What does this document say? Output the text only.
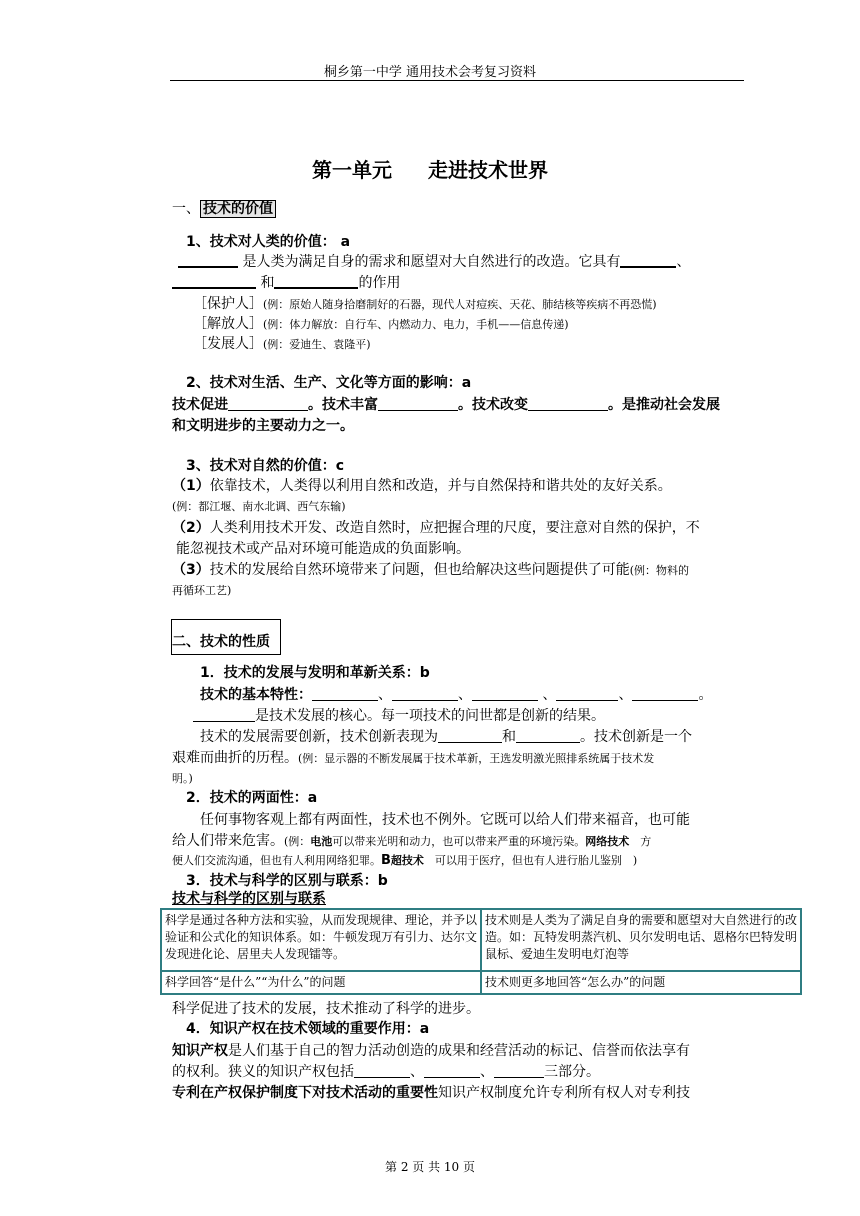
桐乡第一中学 通用技术会考复习资料
第一单元 走进技术世界
一、 技术的价值
1、技术对人类的价值： a
是人类为满足自身的需求和愿望对大自然进行的改造。它具有	、
和	的作用
［保护人］(例：原始人随身拾磨制好的石器，现代人对痘疾、天花、肺结核等疾病不再恐慌)
［解放人］(例：体力解放：自行车、内燃动力、电力，手机——信息传递)
［发展人］(例：爱迪生、袁隆平)
2、技术对生活、生产、文化等方面的影响：a
技术促进	。技术丰富	。技术改变	。是推动社会发展
和文明进步的主要动力之一。
3、技术对自然的价值：c
（1）依靠技术，人类得以利用自然和改造，并与自然保持和谐共处的友好关系。
(例：都江堰、南水北调、西气东输)
（2）人类利用技术开发、改造自然时，应把握合理的尺度，要注意对自然的保护，不
能忽视技术或产品对环境可能造成的负面影响。
（3）技术的发展给自然环境带来了问题，但也给解决这些问题提供了可能(例：物料的
再循环工艺)
二、技术的性质
1．技术的发展与发明和革新关系：b
技术的基本特性：	、	、	、	、	。
是技术发展的核心。每一项技术的问世都是创新的结果。
技术的发展需要创新，技术创新表现为	和	。技术创新是一个
艰难而曲折的历程。(例：显示器的不断发展属于技术革新，王选发明激光照排系统属于技术发
明。)
2．技术的两面性：a
任何事物客观上都有两面性，技术也不例外。它既可以给人们带来福音，也可能
给人们带来危害。(例：电池可以带来光明和动力，也可以带来严重的环境污染。网络技术　方
便人们交流沟通，但也有人利用网络犯罪。B超技术　可以用于医疗，但也有人进行胎儿鉴别　)
3．技术与科学的区别与联系：b
技术与科学的区别与联系
科学是通过各种方法和实验，从而发现规律、理论，并予以验证和公式化的知识体系。如：牛顿发现万有引力、达尔文发现进化论、居里夫人发现镭等。	技术则是人类为了满足自身的需要和愿望对大自然进行的改造。如：瓦特发明蒸汽机、贝尔发明电话、恩格尔巴特发明鼠标、爱迪生发明电灯泡等
科学回答“是什么”“为什么”的问题	技术则更多地回答“怎么办”的问题
科学促进了技术的发展，技术推动了科学的进步。
4．知识产权在技术领域的重要作用：a
知识产权是人们基于自己的智力活动创造的成果和经营活动的标记、信誉而依法享有
的权利。狭义的知识产权包括	、	、	三部分。
专利在产权保护制度下对技术活动的重要性知识产权制度允许专利所有权人对专利技
第 2 页 共 10 页
